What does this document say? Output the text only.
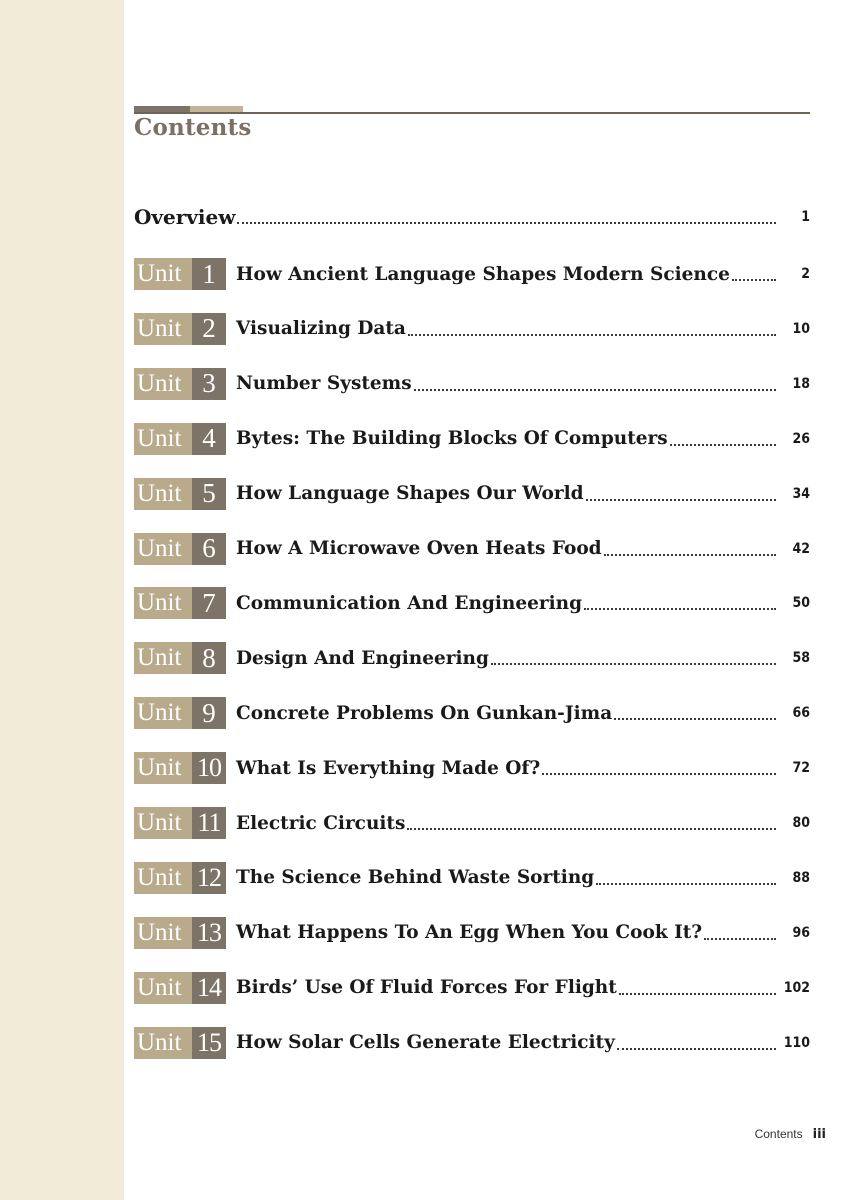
Contents
Overview	1
Unit 1	How Ancient Language Shapes Modern Science	2
Unit 2	Visualizing Data	10
Unit 3	Number Systems	18
Unit 4	Bytes: The Building Blocks Of Computers	26
Unit 5	How Language Shapes Our World	34
Unit 6	How A Microwave Oven Heats Food	42
Unit 7	Communication And Engineering	50
Unit 8	Design And Engineering	58
Unit 9	Concrete Problems On Gunkan-Jima	66
Unit 10 What Is Everything Made Of?	72
Unit 11 Electric Circuits	80
Unit 12 The Science Behind Waste Sorting	88
Unit 13 What Happens To An Egg When You Cook It?	96
Unit 14 Birds’ Use Of Fluid Forces For Flight	102
Unit 15 How Solar Cells Generate Electricity	110
Contents iii
